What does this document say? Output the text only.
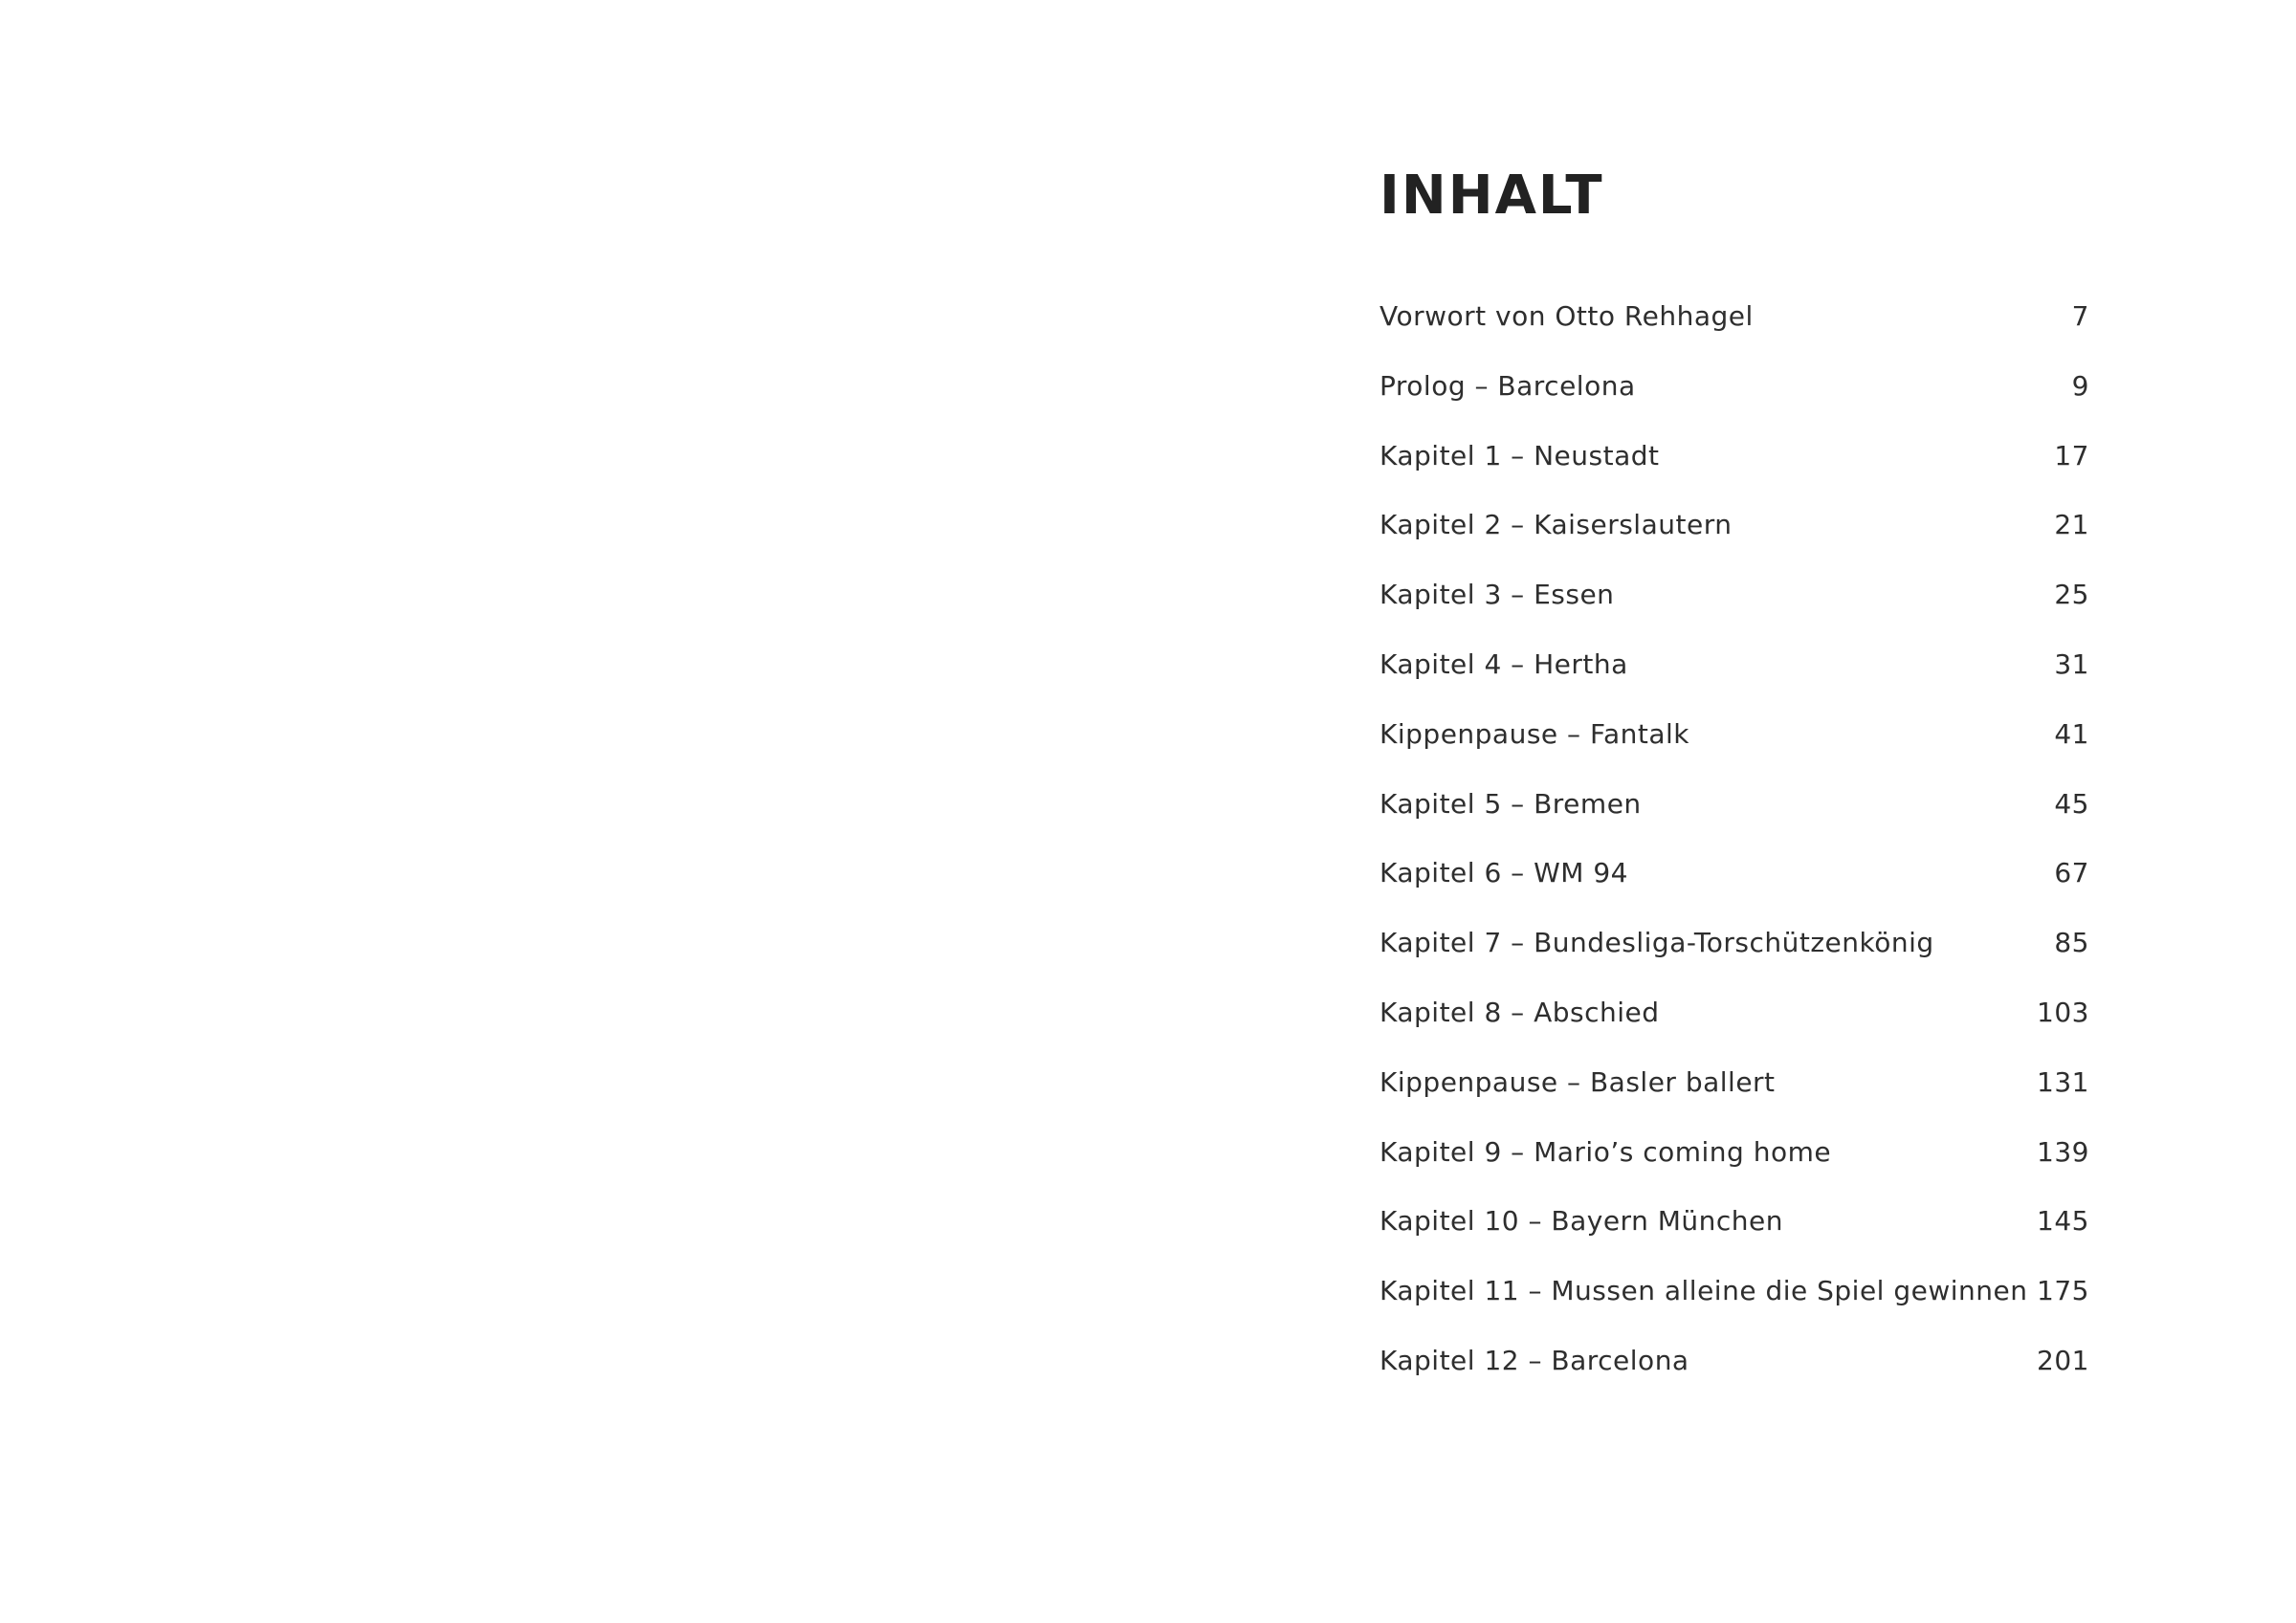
INHALT
Vorwort von Otto Rehhagel	7
Prolog – Barcelona	9
Kapitel 1 – Neustadt	17
Kapitel 2 – Kaiserslautern	21
Kapitel 3 – Essen	25
Kapitel 4 – Hertha	31
Kippenpause – Fantalk	41
Kapitel 5 – Bremen	45
Kapitel 6 – WM 94	67
Kapitel 7 – Bundesliga-Torschützenkönig	85
Kapitel 8 – Abschied	103
Kippenpause – Basler ballert	131
Kapitel 9 – Mario’s coming home	139
Kapitel 10 – Bayern München	145
Kapitel 11 – Mussen alleine die Spiel gewinnen 175
Kapitel 12 – Barcelona	201
